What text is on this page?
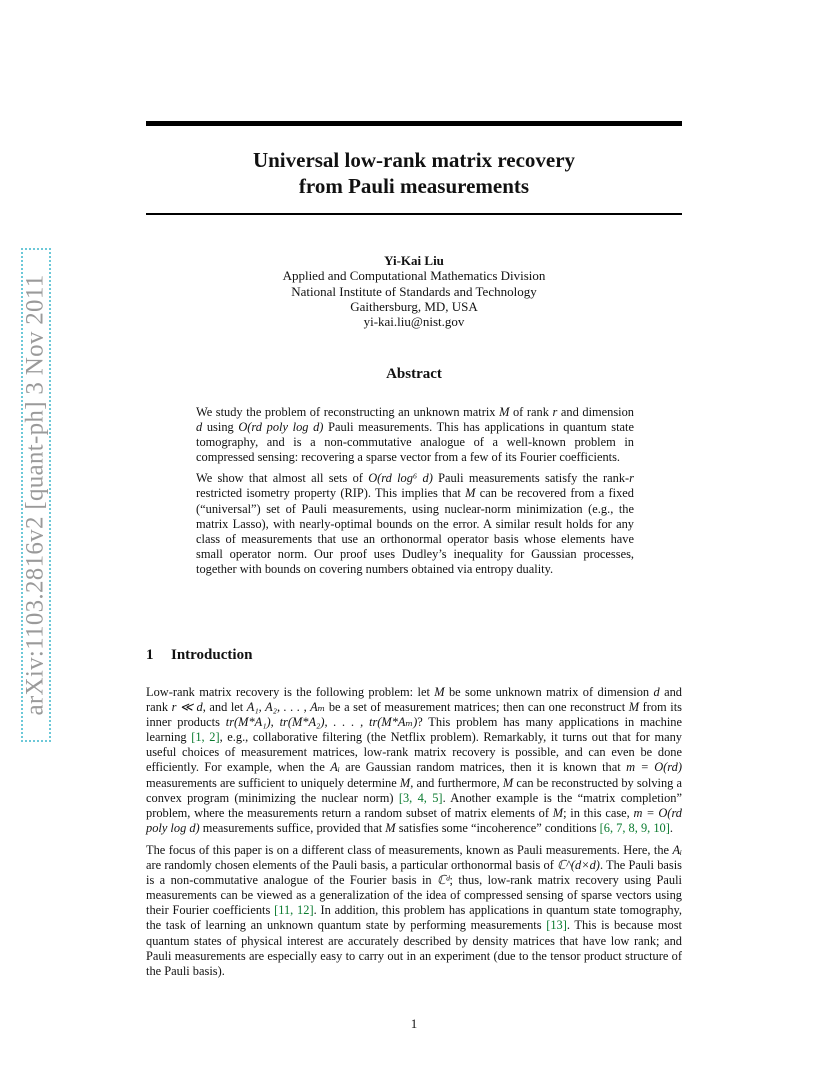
arXiv:1103.2816v2 [quant-ph] 3 Nov 2011
Universal low-rank matrix recovery
from Pauli measurements
Yi-Kai Liu
Applied and Computational Mathematics Division
National Institute of Standards and Technology
Gaithersburg, MD, USA
yi-kai.liu@nist.gov
Abstract

We study the problem of reconstructing an unknown matrix M of rank r and dimension d using O(rd poly log d) Pauli measurements. This has applications in quantum state tomography, and is a non-commutative analogue of a well-known problem in compressed sensing: recovering a sparse vector from a few of its Fourier coefficients.

We show that almost all sets of O(rd log⁶ d) Pauli measurements satisfy the rank-r restricted isometry property (RIP). This implies that M can be recovered from a fixed (“universal”) set of Pauli measurements, using nuclear-norm minimization (e.g., the matrix Lasso), with nearly-optimal bounds on the error. A similar result holds for any class of measurements that use an orthonormal operator basis whose elements have small operator norm. Our proof uses Dudley’s inequality for Gaussian processes, together with bounds on covering numbers obtained via entropy duality.

1 Introduction

Low-rank matrix recovery is the following problem: let M be some unknown matrix of dimension d and rank r ≪ d, and let A₁, A₂, . . . , Aₘ be a set of measurement matrices; then can one reconstruct M from its inner products tr(M*A₁), tr(M*A₂), . . . , tr(M*Aₘ)? This problem has many applications in machine learning [1, 2], e.g., collaborative filtering (the Netflix problem). Remarkably, it turns out that for many useful choices of measurement matrices, low-rank matrix recovery is possible, and can even be done efficiently. For example, when the Aᵢ are Gaussian random matrices, then it is known that m = O(rd) measurements are sufficient to uniquely determine M, and furthermore, M can be reconstructed by solving a convex program (minimizing the nuclear norm) [3, 4, 5]. Another example is the “matrix completion” problem, where the measurements return a random subset of matrix elements of M; in this case, m = O(rd poly log d) measurements suffice, provided that M satisfies some “incoherence” conditions [6, 7, 8, 9, 10].

The focus of this paper is on a different class of measurements, known as Pauli measurements. Here, the Aᵢ are randomly chosen elements of the Pauli basis, a particular orthonormal basis of ℂ^(d×d). The Pauli basis is a non-commutative analogue of the Fourier basis in ℂᵈ; thus, low-rank matrix recovery using Pauli measurements can be viewed as a generalization of the idea of compressed sensing of sparse vectors using their Fourier coefficients [11, 12]. In addition, this problem has applications in quantum state tomography, the task of learning an unknown quantum state by performing measurements [13]. This is because most quantum states of physical interest are accurately described by density matrices that have low rank; and Pauli measurements are especially easy to carry out in an experiment (due to the tensor product structure of the Pauli basis).

1
